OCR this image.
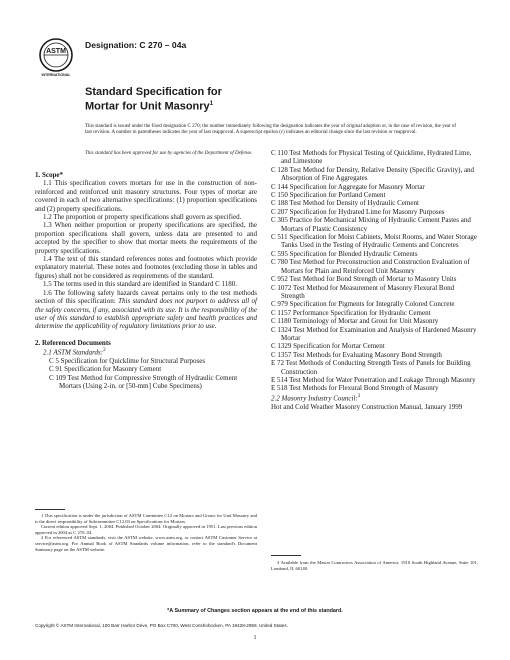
ASTM
INTERNATIONAL
Designation: C 270 – 04a
Standard Specification for
Mortar for Unit Masonry$^1$
This standard is issued under the fixed designation C 270; the number immediately following the designation indicates the year of original adoption or, in the case of revision, the year of last revision. A number in parentheses indicates the year of last reapproval. A superscript epsilon (ε) indicates an editorial change since the last revision or reapproval.
This standard has been approved for use by agencies of the Department of Defense.

1. Scope*

1.1 This specification covers mortars for use in the construction of non-reinforced and reinforced unit masonry structures. Four types of mortar are covered in each of two alternative specifications: (1) proportion specifications and (2) property specifications.

1.2 The proportion or property specifications shall govern as specified.

1.3 When neither proportion or property specifications are specified, the proportion specifications shall govern, unless data are presented to and accepted by the specifier to show that mortar meets the requirements of the property specifications.

1.4 The text of this standard references notes and footnotes which provide explanatory material. These notes and footnotes (excluding those in tables and figures) shall not be considered as requirements of the standard.

1.5 The terms used in this standard are identified in Standard C 1180.

1.6 The following safety hazards caveat pertains only to the test methods section of this specification: This standard does not purport to address all of the safety concerns, if any, associated with its use. It is the responsibility of the user of this standard to establish appropriate safety and health practices and determine the applicability of regulatory limitations prior to use.

2. Referenced Documents

2.1 ASTM Standards:$^2$

C 5 Specification for Quicklime for Structural Purposes
C 91 Specification for Masonry Cement
C 109 Test Method for Compressive Strength of Hydraulic Cement Mortars (Using 2-in. or [50-mm] Cube Specimens)
C 110 Test Methods for Physical Testing of Quicklime, Hydrated Lime, and Limestone
C 128 Test Method for Density, Relative Density (Specific Gravity), and Absorption of Fine Aggregates
C 144 Specification for Aggregate for Masonry Mortar
C 150 Specification for Portland Cement
C 188 Test Method for Density of Hydraulic Cement
C 207 Specification for Hydrated Lime for Masonry Purposes
C 305 Practice for Mechanical Mixing of Hydraulic Cement Pastes and Mortars of Plastic Consistency
C 511 Specification for Moist Cabinets, Moist Rooms, and Water Storage Tanks Used in the Testing of Hydraulic Cements and Concretes
C 595 Specification for Blended Hydraulic Cements
C 780 Test Method for Preconstruction and Construction Evaluation of Mortars for Plain and Reinforced Unit Masonry
C 952 Test Method for Bond Strength of Mortar to Masonry Units
C 1072 Test Method for Measurement of Masonry Flexural Bond Strength
C 979 Specification for Pigments for Integrally Colored Concrete
C 1157 Performance Specification for Hydraulic Cement
C 1180 Terminology of Mortar and Grout for Unit Masonry
C 1324 Test Method for Examination and Analysis of Hardened Masonry Mortar
C 1329 Specification for Mortar Cement
C 1357 Test Methods for Evaluating Masonry Bond Strength
E 72 Test Methods of Conducting Strength Tests of Panels for Building Construction
E 514 Test Method for Water Penetration and Leakage Through Masonry
E 518 Test Methods for Flexural Bond Strength of Masonry

2.2 Masonry Industry Council:$^3$

Hot and Cold Weather Masonry Construction Manual, January 1999

1 This specification is under the jurisdiction of ASTM Committee C12 on Mortars and Grouts for Unit Masonry and is the direct responsibility of Subcommittee C12.03 on Specifications for Mortars.

Current edition approved Sept. 1, 2004. Published October 2004. Originally approved in 1951. Last previous edition approved in 2004 as C 270–04.

2 For referenced ASTM standards, visit the ASTM website, www.astm.org, or contact ASTM Customer Service at service@astm.org. For Annual Book of ASTM Standards volume information, refer to the standard's Document Summary page on the ASTM website.

3 Available from the Mason Contractors Association of America, 1910 South Highland Avenue, Suite 101, Lombard, IL 60148.

*A Summary of Changes section appears at the end of this standard.
Copyright © ASTM International, 100 Barr Harbor Drive, PO Box C700, West Conshohocken, PA 19428-2959, United States.
1
